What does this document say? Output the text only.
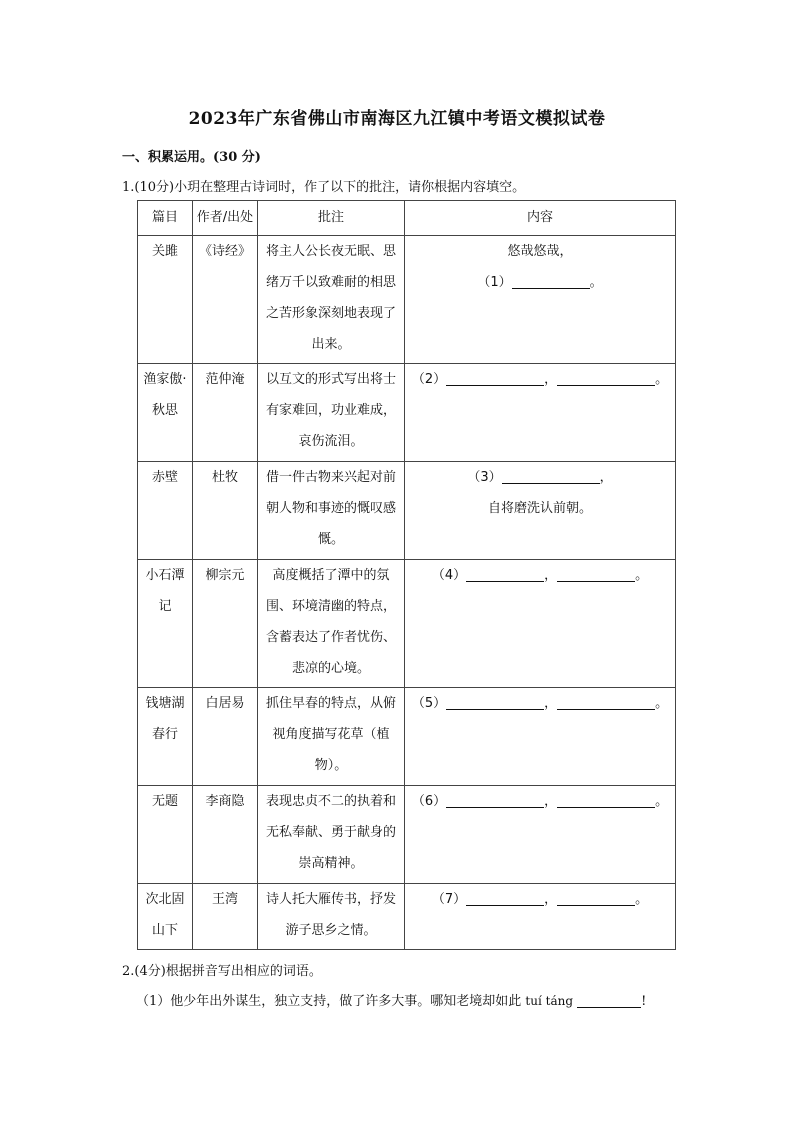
2023年广东省佛山市南海区九江镇中考语文模拟试卷
一、积累运用。(30 分)
1.(10分)小玥在整理古诗词时，作了以下的批注，请你根据内容填空。
篇目	作者/出处	批注	内容
关雎	《诗经》	将主人公长夜无眠、思绪万千以致难耐的相思之苦形象深刻地表现了出来。	悠哉悠哉，
（1） 。

渔家傲·秋思	范仲淹	以互文的形式写出将士有家难回，功业难成，哀伤流泪。	（2） ， 。
赤壁	杜牧	借一件古物来兴起对前朝人物和事迹的慨叹感慨。	（3） ，
自将磨洗认前朝。

小石潭记	柳宗元	高度概括了潭中的氛围、环境清幽的特点，含蓄表达了作者忧伤、悲凉的心境。	（4） ， 。
钱塘湖春行	白居易	抓住早春的特点，从俯视角度描写花草（植物）。	（5） ， 。
无题	李商隐	表现忠贞不二的执着和无私奉献、勇于献身的崇高精神。	（6） ， 。
次北固山下	王湾	诗人托大雁传书，抒发游子思乡之情。	（7） ， 。
2.(4分)根据拼音写出相应的词语。
（1）他少年出外谋生，独立支持，做了许多大事。哪知老境却如此 tuí táng	!
